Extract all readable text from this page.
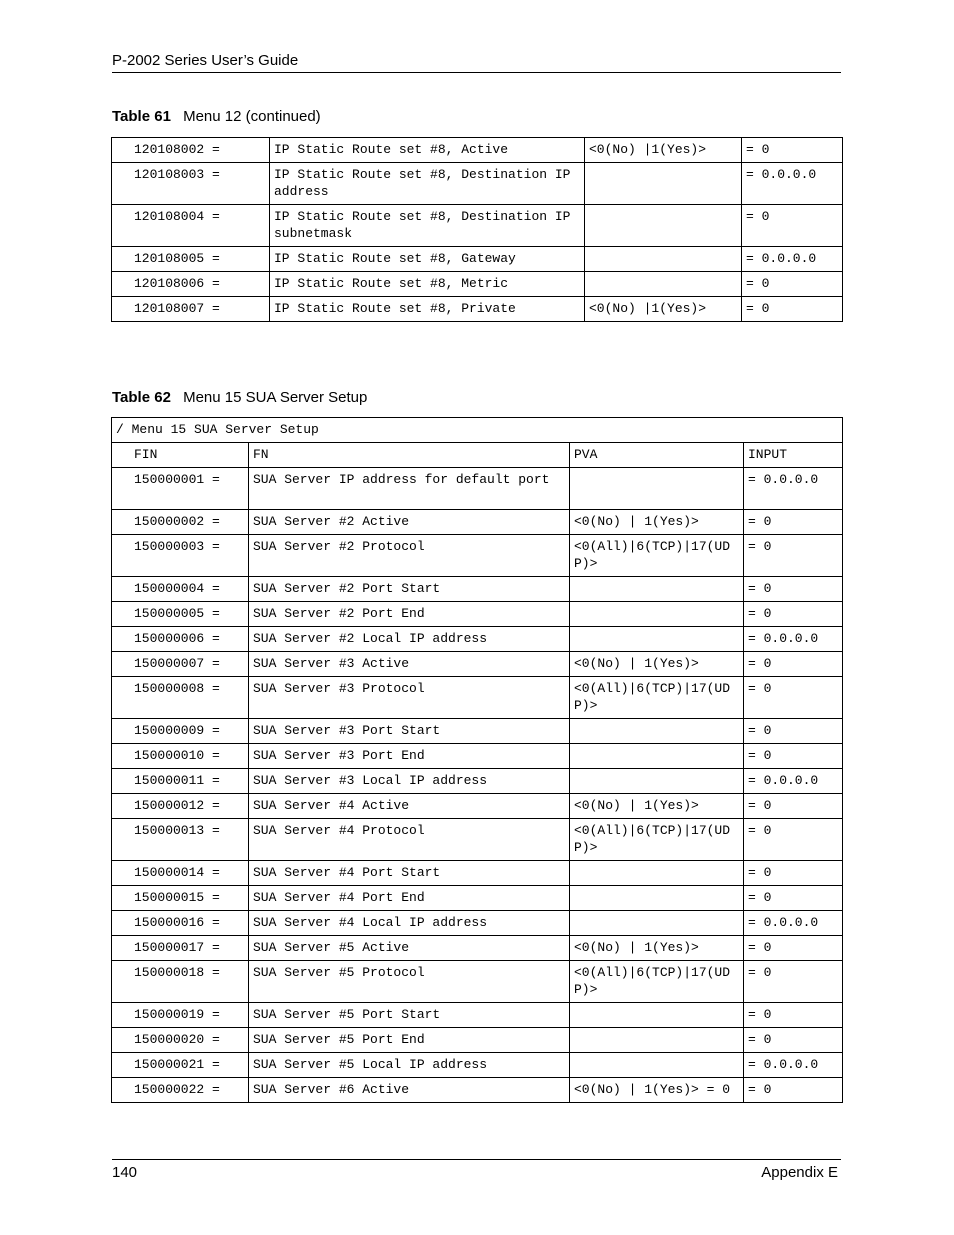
P-2002 Series User’s Guide
Table 61 Menu 12 (continued)
120108002 =	IP Static Route set #8, Active	<0(No) |1(Yes)>	= 0
120108003 =	IP Static Route set #8, Destination IP address		= 0.0.0.0
120108004 =	IP Static Route set #8, Destination IP subnetmask		= 0
120108005 =	IP Static Route set #8, Gateway		= 0.0.0.0
120108006 =	IP Static Route set #8, Metric		= 0
120108007 =	IP Static Route set #8, Private	<0(No) |1(Yes)>	= 0
Table 62 Menu 15 SUA Server Setup
/ Menu 15 SUA Server Setup			
FIN	FN	PVA	INPUT
150000001 =	SUA Server IP address for default port		= 0.0.0.0
150000002 =	SUA Server #2 Active	<0(No) | 1(Yes)>	= 0
150000003 =	SUA Server #2 Protocol	<0(All)|6(TCP)|17(UDP)>	= 0
150000004 =	SUA Server #2 Port Start		= 0
150000005 =	SUA Server #2 Port End		= 0
150000006 =	SUA Server #2 Local IP address		= 0.0.0.0
150000007 =	SUA Server #3 Active	<0(No) | 1(Yes)>	= 0
150000008 =	SUA Server #3 Protocol	<0(All)|6(TCP)|17(UDP)>	= 0
150000009 =	SUA Server #3 Port Start		= 0
150000010 =	SUA Server #3 Port End		= 0
150000011 =	SUA Server #3 Local IP address		= 0.0.0.0
150000012 =	SUA Server #4 Active	<0(No) | 1(Yes)>	= 0
150000013 =	SUA Server #4 Protocol	<0(All)|6(TCP)|17(UDP)>	= 0
150000014 =	SUA Server #4 Port Start		= 0
150000015 =	SUA Server #4 Port End		= 0
150000016 =	SUA Server #4 Local IP address		= 0.0.0.0
150000017 =	SUA Server #5 Active	<0(No) | 1(Yes)>	= 0
150000018 =	SUA Server #5 Protocol	<0(All)|6(TCP)|17(UDP)>	= 0
150000019 =	SUA Server #5 Port Start		= 0
150000020 =	SUA Server #5 Port End		= 0
150000021 =	SUA Server #5 Local IP address		= 0.0.0.0
150000022 =	SUA Server #6 Active	<0(No) | 1(Yes)> = 0	= 0
140	Appendix E
